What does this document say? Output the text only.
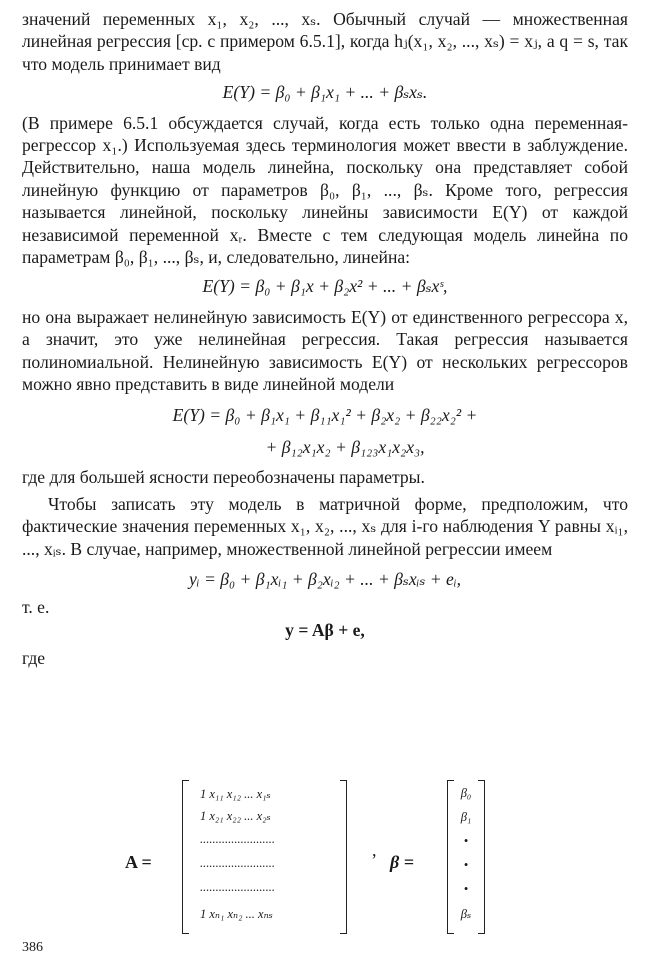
значений переменных x₁, x₂, ..., xₛ. Обычный случай — множественная линейная регрессия [ср. с примером 6.5.1], когда hⱼ(x₁, x₂, ..., xₛ) = xⱼ, а q = s, так что модель принимает вид

E(Y) = β₀ + β₁x₁ + ... + βₛxₛ.

(В примере 6.5.1 обсуждается случай, когда есть только одна переменная-регрессор x₁.) Используемая здесь терминология может ввести в заблуждение. Действительно, наша модель линейна, поскольку она представляет собой линейную функцию от параметров β₀, β₁, ..., βₛ. Кроме того, регрессия называется линейной, поскольку линейны зависимости E(Y) от каждой независимой переменной xᵣ. Вместе с тем следующая модель линейна по параметрам β₀, β₁, ..., βₛ, и, следовательно, линейна:

E(Y) = β₀ + β₁x + β₂x² + ... + βₛxˢ,

но она выражает нелинейную зависимость E(Y) от единственного регрессора x, а значит, это уже нелинейная регрессия. Такая регрессия называется полиномиальной. Нелинейную зависимость E(Y) от нескольких регрессоров можно явно представить в виде линейной модели

E(Y) = β₀ + β₁x₁ + β₁₁x₁² + β₂x₂ + β₂₂x₂² +
+ β₁₂x₁x₂ + β₁₂₃x₁x₂x₃,

где для большей ясности переобозначены параметры.

Чтобы записать эту модель в матричной форме, предположим, что фактические значения переменных x₁, x₂, ..., xₛ для i-го наблюдения Y равны xᵢ₁, ..., xᵢₛ. В случае, например, множественной линейной регрессии имеем

yᵢ = β₀ + β₁xᵢ₁ + β₂xᵢ₂ + ... + βₛxᵢₛ + eᵢ,

т. е.

y = Aβ + e,

где

A =
1 x₁₁ x₁₂ ... x₁ₛ
1 x₂₁ x₂₂ ... x₂ₛ
........................
........................
........................
1 xₙ₁ xₙ₂ ... xₙₛ
,
β =
β₀
β₁
•
•
•
βₛ
386
